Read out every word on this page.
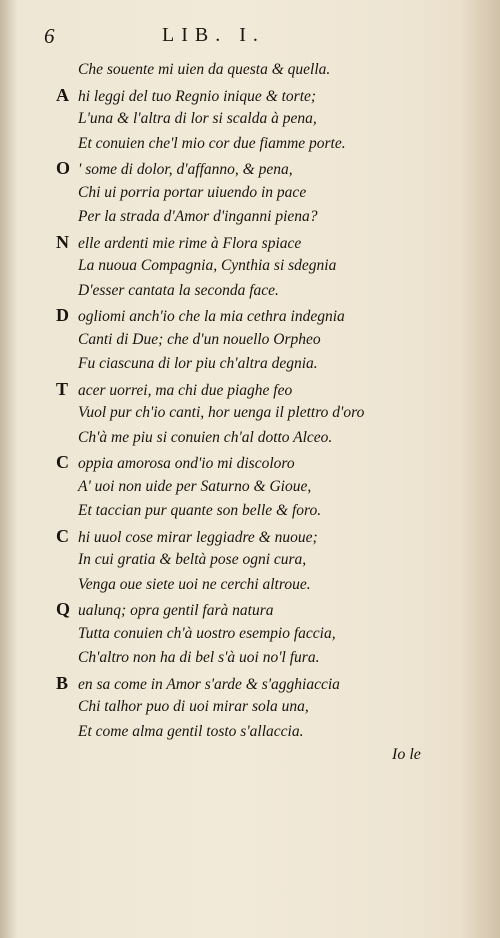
6	LIB. I.
Che souente mi uien da questa & quella.
A hi leggi del tuo Regnio inique & torte;
L'una & l'altra di lor si scalda à pena,
Et conuien che'l mio cor due fiamme porte.
O ' some di dolor, d'affanno, & pena,
Chi ui porria portar uiuendo in pace
Per la strada d'Amor d'inganni piena?
N elle ardenti mie rime à Flora spiace
La nuoua Compagnia, Cynthia si sdegnia
D'esser cantata la seconda face.
D ogliomi anch'io che la mia cethra indegnia
Canti di Due; che d'un nouello Orpheo
Fu ciascuna di lor piu ch'altra degnia.
T acer uorrei, ma chi due piaghe feo
Vuol pur ch'io canti, hor uenga il plettro d'oro
Ch'à me piu si conuien ch'al dotto Alceo.
C oppia amorosa ond'io mi discoloro
A' uoi non uide per Saturno & Gioue,
Et taccian pur quante son belle & foro.
C hi uuol cose mirar leggiadre & nuoue;
In cui gratia & beltà pose ogni cura,
Venga oue siete uoi ne cerchi altroue.
Q ualunq; opra gentil farà natura
Tutta conuien ch'à uostro esempio faccia,
Ch'altro non ha di bel s'à uoi no'l fura.
B en sa come in Amor s'arde & s'agghiaccia
Chi talhor puo di uoi mirar sola una,
Et come alma gentil tosto s'allaccia.
Io le
